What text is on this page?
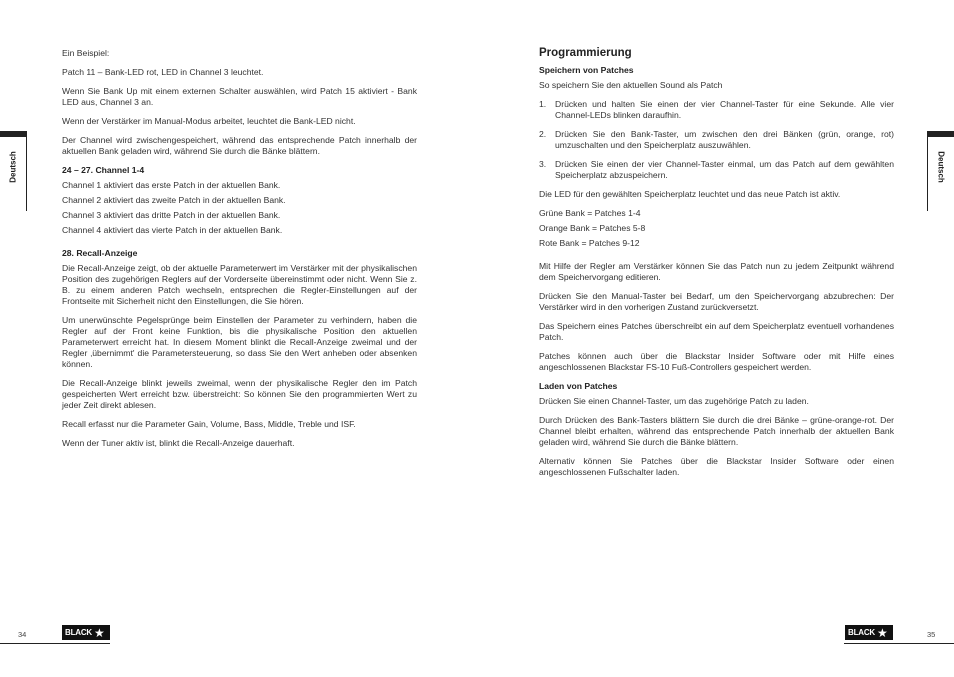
Deutsch	Deutsch

Ein Beispiel:

Patch 11 – Bank-LED rot, LED in Channel 3 leuchtet.

Wenn Sie Bank Up mit einem externen Schalter auswählen, wird Patch 15 aktiviert - Bank LED aus, Channel 3 an.

Wenn der Verstärker im Manual-Modus arbeitet, leuchtet die Bank-LED nicht.

Der Channel wird zwischengespeichert, während das entsprechende Patch innerhalb der aktuellen Bank geladen wird, während Sie durch die Bänke blättern.

24 – 27. Channel 1-4

Channel 1 aktiviert das erste Patch in der aktuellen Bank.

Channel 2 aktiviert das zweite Patch in der aktuellen Bank.

Channel 3 aktiviert das dritte Patch in der aktuellen Bank.

Channel 4 aktiviert das vierte Patch in der aktuellen Bank.

28. Recall-Anzeige

Die Recall-Anzeige zeigt, ob der aktuelle Parameterwert im Verstärker mit der physikalischen Position des zugehörigen Reglers auf der Vorderseite übereinstimmt oder nicht. Wenn Sie z. B. zu einem anderen Patch wechseln, entsprechen die Regler-Einstellungen auf der Frontseite mit Sicherheit nicht den Einstellungen, die Sie hören.

Um unerwünschte Pegelsprünge beim Einstellen der Parameter zu verhindern, haben die Regler auf der Front keine Funktion, bis die physikalische Position den aktuellen Parameterwert erreicht hat. In diesem Moment blinkt die Recall-Anzeige zweimal und der Regler ‚übernimmt' die Parametersteuerung, so dass Sie den Wert anheben oder absenken können.

Die Recall-Anzeige blinkt jeweils zweimal, wenn der physikalische Regler den im Patch gespeicherten Wert erreicht bzw. überstreicht: So können Sie den programmierten Wert zu jeder Zeit direkt ablesen.

Recall erfasst nur die Parameter Gain, Volume, Bass, Middle, Treble und ISF.

Wenn der Tuner aktiv ist, blinkt die Recall-Anzeige dauerhaft.

Programmierung
Speichern von Patches

So speichern Sie den aktuellen Sound als Patch

1.	Drücken und halten Sie einen der vier Channel-Taster für eine Sekunde. Alle vier Channel-LEDs blinken daraufhin.
2.	Drücken Sie den Bank-Taster, um zwischen den drei Bänken (grün, orange, rot) umzuschalten und den Speicherplatz auszuwählen.
3.	Drücken Sie einen der vier Channel-Taster einmal, um das Patch auf dem gewählten Speicherplatz abzuspeichern.

Die LED für den gewählten Speicherplatz leuchtet und das neue Patch ist aktiv.

Grüne Bank = Patches 1-4

Orange Bank = Patches 5-8

Rote Bank = Patches 9-12

Mit Hilfe der Regler am Verstärker können Sie das Patch nun zu jedem Zeitpunkt während dem Speichervorgang editieren.

Drücken Sie den Manual-Taster bei Bedarf, um den Speichervorgang abzubrechen: Der Verstärker wird in den vorherigen Zustand zurückversetzt.

Das Speichern eines Patches überschreibt ein auf dem Speicherplatz eventuell vorhandenes Patch.

Patches können auch über die Blackstar Insider Software oder mit Hilfe eines angeschlossenen Blackstar FS-10 Fuß-Controllers gespeichert werden.

Laden von Patches

Drücken Sie einen Channel-Taster, um das zugehörige Patch zu laden.

Durch Drücken des Bank-Tasters blättern Sie durch die drei Bänke – grüne-orange-rot. Der Channel bleibt erhalten, während das entsprechende Patch innerhalb der aktuellen Bank geladen wird, während Sie durch die Bänke blättern.

Alternativ können Sie Patches über die Blackstar Insider Software oder einen angeschlossenen Fußschalter laden.

34	BLACK ★	BLACK ★	35
